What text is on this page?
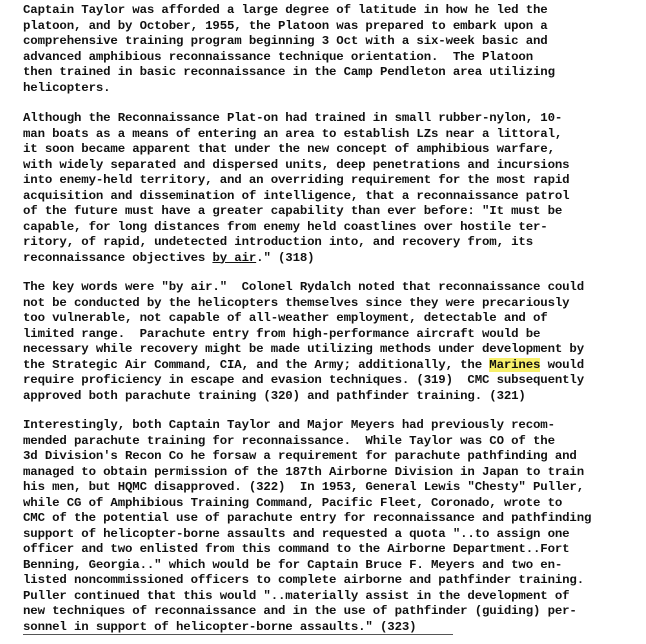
Captain Taylor was afforded a large degree of latitude in how he led the
platoon, and by October, 1955, the Platoon was prepared to embark upon a
comprehensive training program beginning 3 Oct with a six-week basic and
advanced amphibious reconnaissance technique orientation.  The Platoon
then trained in basic reconnaissance in the Camp Pendleton area utilizing
helicopters.
Although the Reconnaissance Plat-on had trained in small rubber-nylon, 10-
man boats as a means of entering an area to establish LZs near a littoral,
it soon became apparent that under the new concept of amphibious warfare,
with widely separated and dispersed units, deep penetrations and incursions
into enemy-held territory, and an overriding requirement for the most rapid
acquisition and dissemination of intelligence, that a reconnaissance patrol
of the future must have a greater capability than ever before: "It must be
capable, for long distances from enemy held coastlines over hostile ter-
ritory, of rapid, undetected introduction into, and recovery from, its
reconnaissance objectives by air." (318)
The key words were "by air."  Colonel Rydalch noted that reconnaissance could
not be conducted by the helicopters themselves since they were precariously
too vulnerable, not capable of all-weather employment, detectable and of
limited range.  Parachute entry from high-performance aircraft would be
necessary while recovery might be made utilizing methods under development by
the Strategic Air Command, CIA, and the Army; additionally, the Marines would
require proficiency in escape and evasion techniques. (319)  CMC subsequently
approved both parachute training (320) and pathfinder training. (321)
Interestingly, both Captain Taylor and Major Meyers had previously recom-
mended parachute training for reconnaissance.  While Taylor was CO of the
3d Division's Recon Co he forsaw a requirement for parachute pathfinding and
managed to obtain permission of the 187th Airborne Division in Japan to train
his men, but HQMC disapproved. (322)  In 1953, General Lewis "Chesty" Puller,
while CG of Amphibious Training Command, Pacific Fleet, Coronado, wrote to
CMC of the potential use of parachute entry for reconnaissance and pathfinding
support of helicopter-borne assaults and requested a quota "..to assign one
officer and two enlisted from this command to the Airborne Department..Fort
Benning, Georgia.." which would be for Captain Bruce F. Meyers and two en-
listed noncommissioned officers to complete airborne and pathfinder training.
Puller continued that this would "..materially assist in the development of
new techniques of reconnaissance and in the use of pathfinder (guiding) per-
sonnel in support of helicopter-borne assaults." (323)
